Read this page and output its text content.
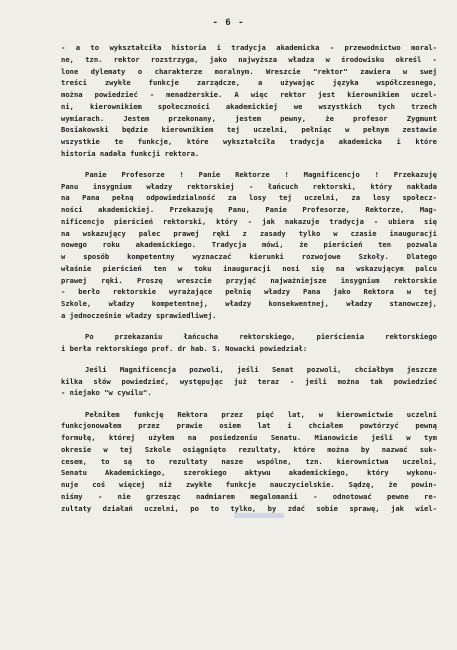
- 6 -
- a to wykształciła historia i tradycja akademicka - przewodnictwo moral-
ne, tzn. rektor rozstrzyga, jako najwyższa władza w środowisku określ -
lone dylematy o charakterze moralnym. Wreszcie "rektor" zawiera w swej
treści zwykłe funkcje zarządcze, a używając języka współczesnego,
można powiedzieć - menadżerskie. A więc rektor jest kierownikiem uczel-
ni, kierownikiem społeczności akademickiej we wszystkich tych trzech
wymiarach. Jestem przekonany, jestem pewny, że profesor Zygmunt
Bosiakowski będzie kierownikiem tej uczelni, pełniąc w pełnym zestawie
wszystkie te funkcje, które wykształciła tradycja akademicka i które
historia nadała funkcji rektora.
Panie Profesorze ! Panie Rektorze ! Magnificencjo ! Przekazuję
Panu insygnium władzy rektorskiej - łańcuch rektorski, który nakłada
na Pana pełną odpowiedzialność za losy tej uczelni, za losy społecz-
ności akademickiej. Przekazuję Panu, Panie Profesorze, Rektorze, Mag-
nificencjo pierścień rektorski, który - jak nakazuje tradycja - ubiera się
na wskazujący palec prawej ręki z zasady tylko w czasie inauguracji
nowego roku akademickiego. Tradycja mówi, że pierścień ten pozwala
w sposób kompetentny wyznaczać kierunki rozwojowe Szkoły. Dlatego
właśnie pierścień ten w toku inauguracji nosi się na wskazującym palcu
prawej ręki. Proszę wreszcie przyjąć najważniejsze insygnium rektorskie
- berło rektorskie wyrażające pełnię władzy Pana jako Rektora w tej
Szkole, władzy kompetentnej, władzy konsekwentnej, władzy stanowczej,
a jednocześnie władzy sprawiedliwej.
Po przekazaniu łańcucha rektorskiego, pierścienia rektorskiego
i berła rektorskiego prof. dr hab. S. Nowacki powiedział:
Jeśli Magnificencja pozwoli, jeśli Senat pozwoli, chciałbym jeszcze
kilka słów powiedzieć, występując już teraz - jeśli można tak powiedzieć
- niejako "w cywilu".
Pełniłem funkcję Rektora przez pięć lat, w kierownictwie uczelni
funkcjonowałem przez prawie osiem lat i chciałem powtórzyć pewną
formułę, której użyłem na posiedzeniu Senatu. Mianowicie jeśli w tym
okresie w tej Szkole osiągnięto rezultaty, które można by nazwać suk-
cesem, to są to rezultaty nasze wspólne, tzn. kierownictwa uczelni,
Senatu Akademickiego, szerokiego aktywu akademickiego, który wykonu-
nuje coś więcej niż zwykłe funkcje nauczycielskie. Sądzę, że powin-
niśmy - nie grzesząc nadmiarem megalomanii - odnotować pewne re-
zultaty działań uczelni, po to tylko, by zdać sobie sprawę, jak wiel-
